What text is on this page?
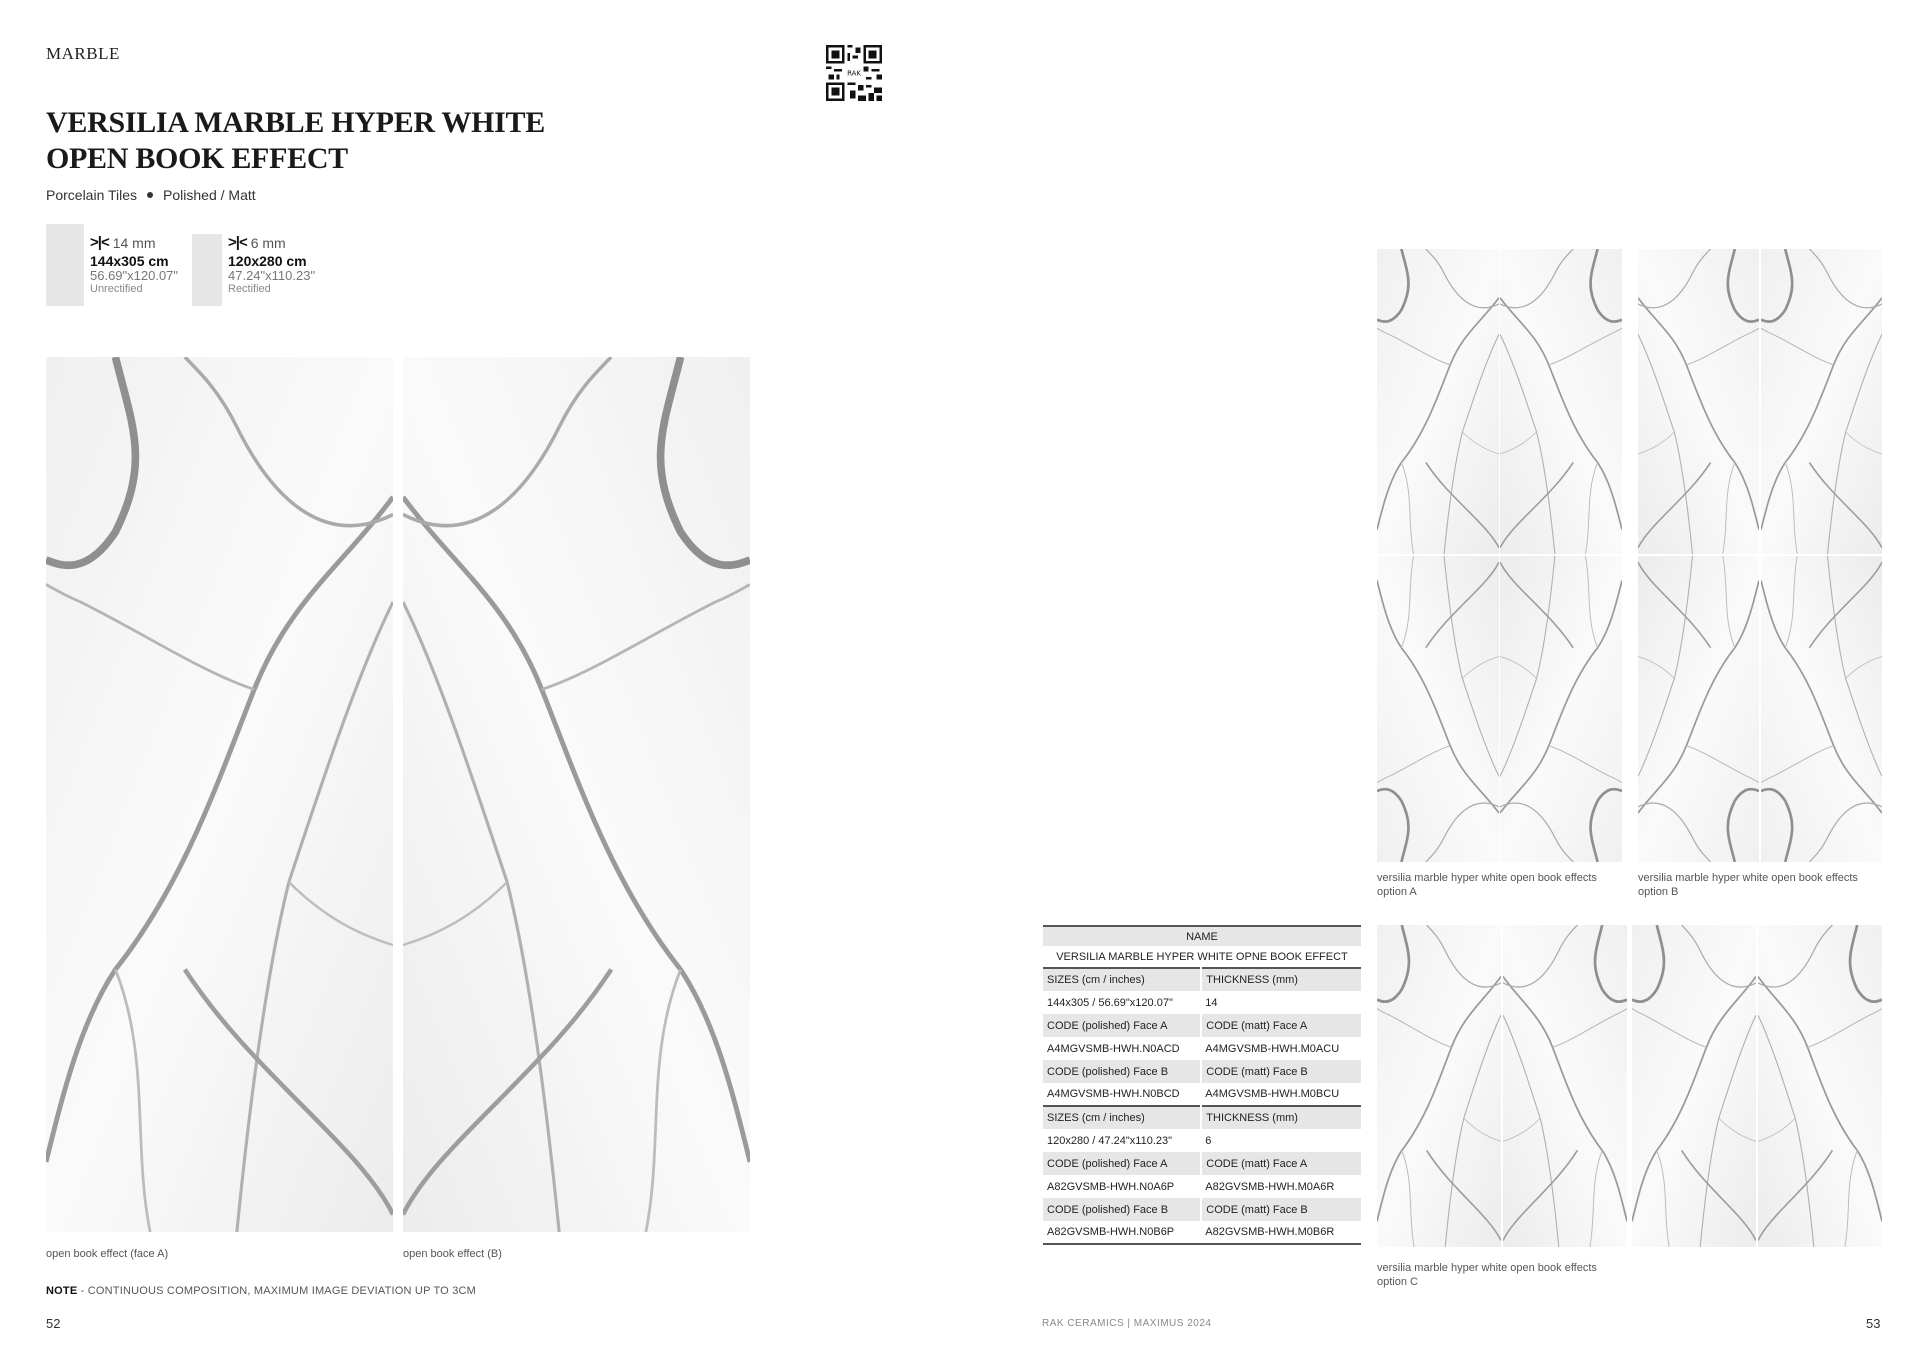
MARBLE
VERSILIA MARBLE HYPER WHITE
OPEN BOOK EFFECT
Porcelain Tiles Polished / Matt
RAK
>|< 14 mm
144x305 cm
56.69"x120.07"
Unrectified
>|< 6 mm
120x280 cm
47.24"x110.23"
Rectified
open book effect (face A)	open book effect (B)
NOTE - CONTINUOUS COMPOSITION, MAXIMUM IMAGE DEVIATION UP TO 3CM
52	RAK CERAMICS | MAXIMUS 2024	53
versilia marble hyper white open book effects
option A
versilia marble hyper white open book effects
option B
versilia marble hyper white open book effects
option C
NAME	
VERSILIA MARBLE HYPER WHITE OPNE BOOK EFFECT	
SIZES (cm / inches)	THICKNESS (mm)
144x305 / 56.69"x120.07"	14
CODE (polished) Face A	CODE (matt) Face A
A4MGVSMB-HWH.N0ACD	A4MGVSMB-HWH.M0ACU
CODE (polished) Face B	CODE (matt) Face B
A4MGVSMB-HWH.N0BCD	A4MGVSMB-HWH.M0BCU
SIZES (cm / inches)	THICKNESS (mm)
120x280 / 47.24"x110.23"	6
CODE (polished) Face A	CODE (matt) Face A
A82GVSMB-HWH.N0A6P	A82GVSMB-HWH.M0A6R
CODE (polished) Face B	CODE (matt) Face B
A82GVSMB-HWH.N0B6P	A82GVSMB-HWH.M0B6R
